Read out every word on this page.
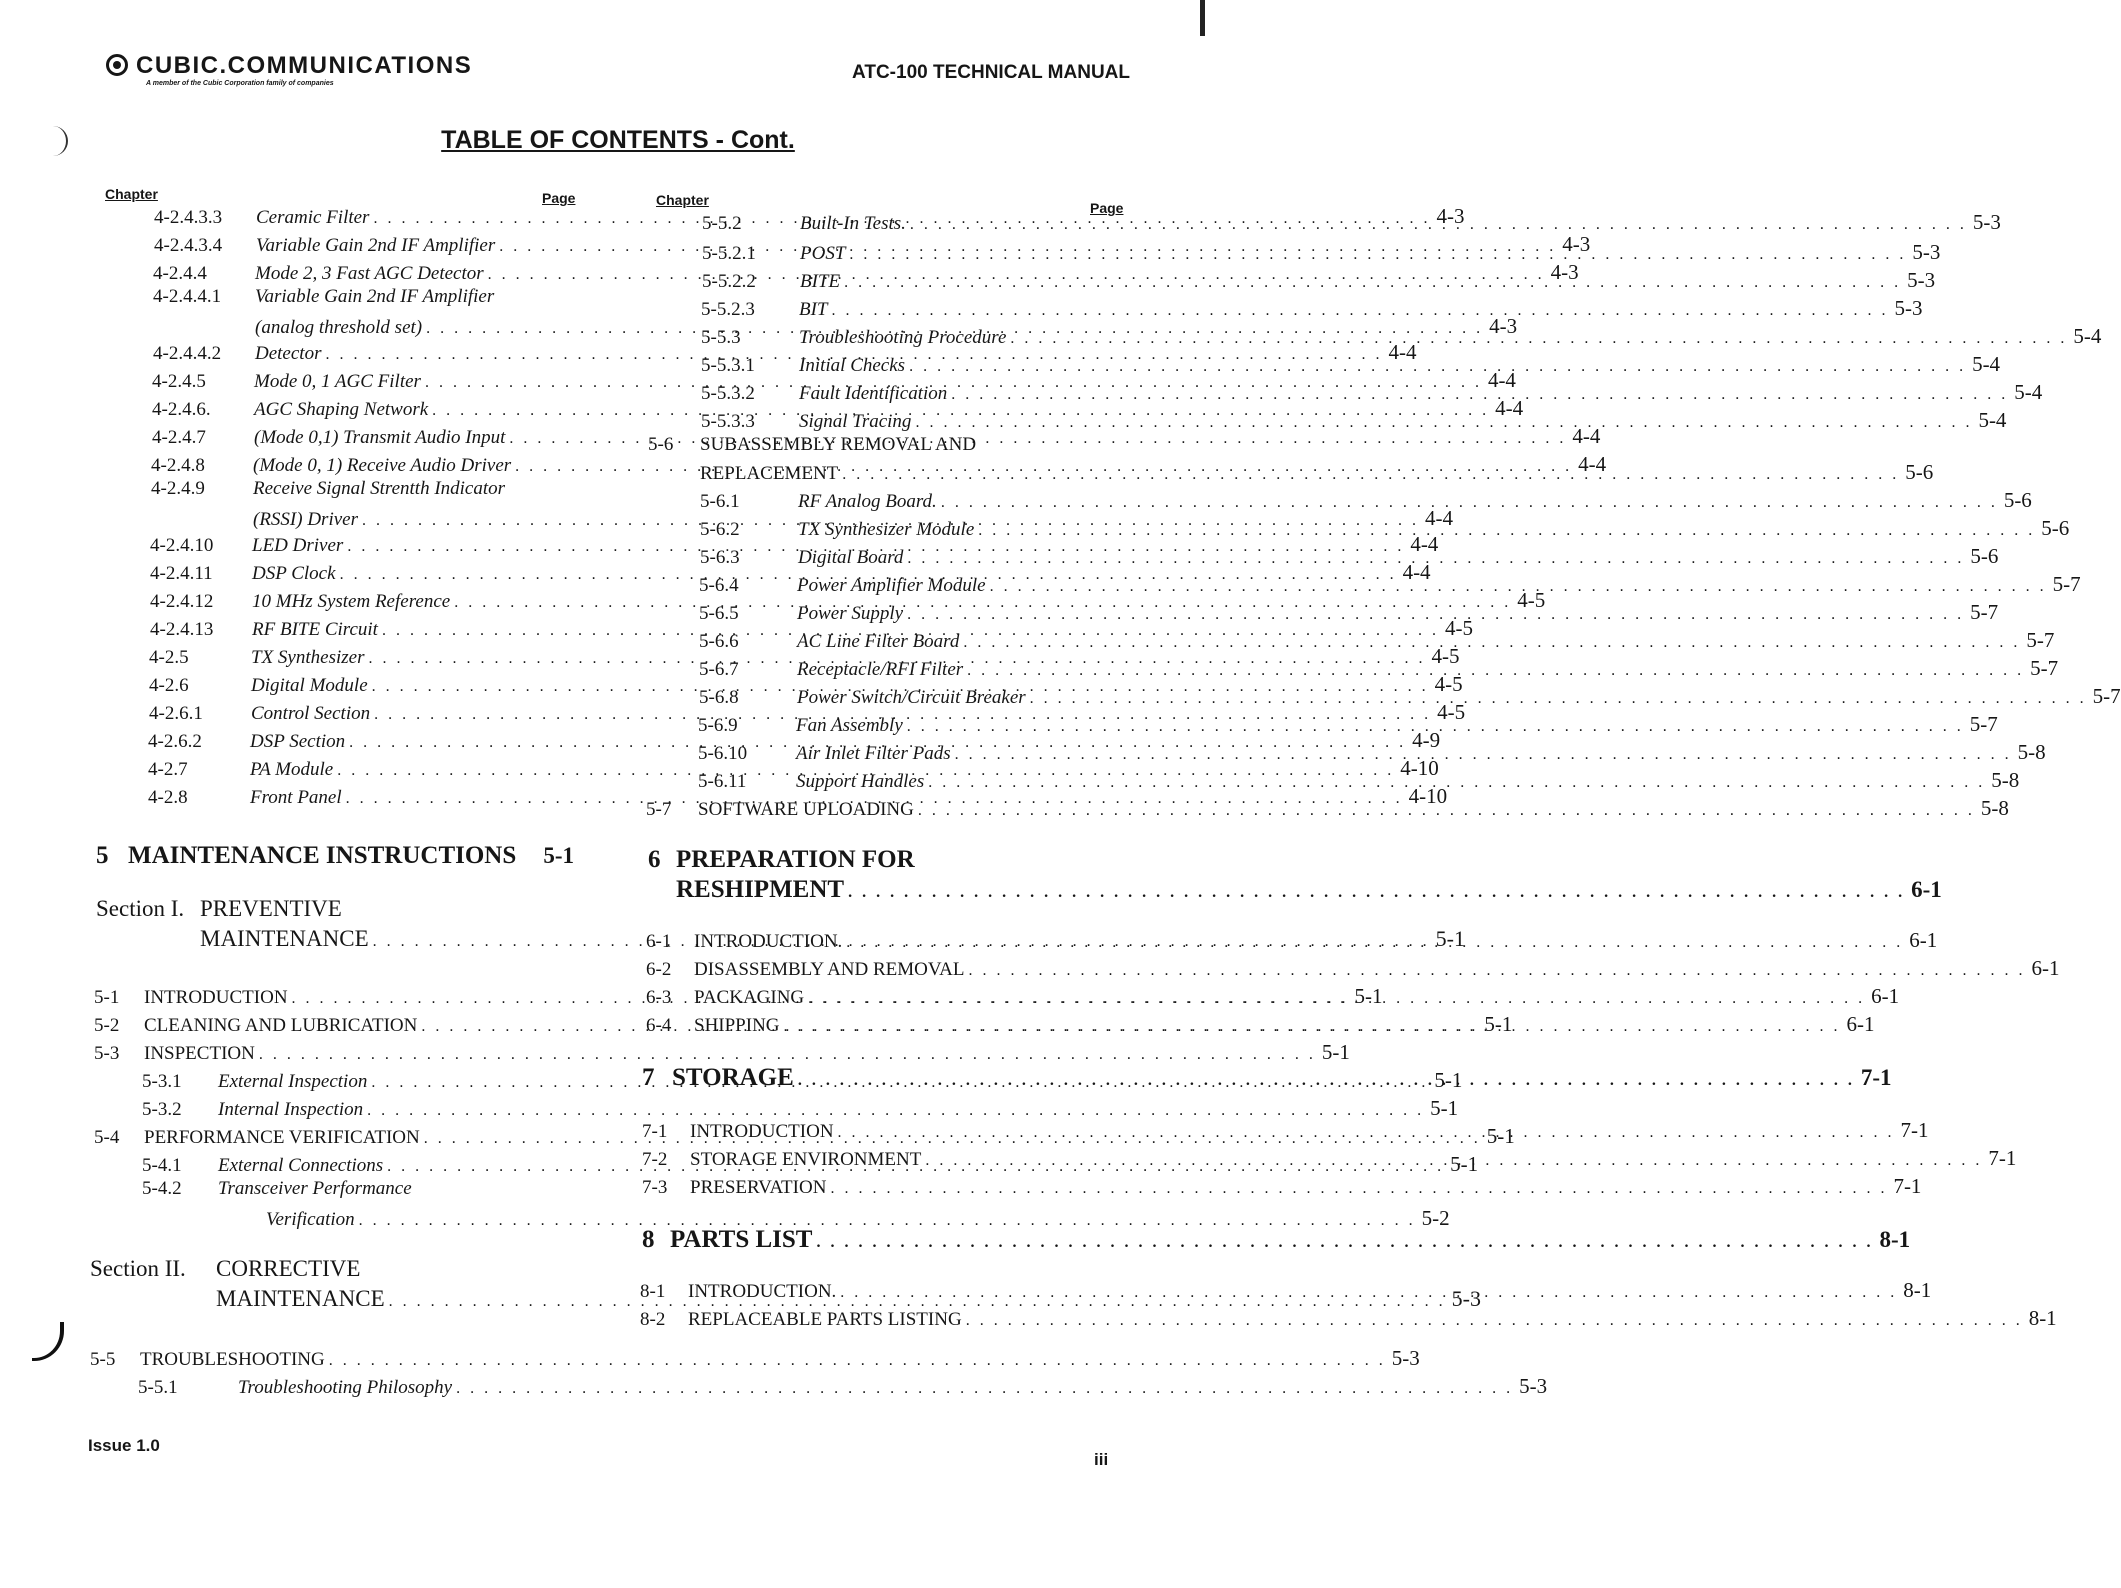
CUBIC.COMMUNICATIONS
A member of the Cubic Corporation family of companies
ATC-100 TECHNICAL MANUAL
TABLE OF CONTENTS - Cont.
Chapter	Page	Chapter	Page
4-2.4.3.3	Ceramic Filter . . .	4-3
4-2.4.3.4	Variable Gain 2nd IF Amplifier . . .	4-3
4-2.4.4	Mode 2, 3 Fast AGC Detector . . .	4-3
4-2.4.4.1	Variable Gain 2nd IF Amplifier
(analog threshold set) . . .	4-3
4-2.4.4.2	Detector . . .	4-4
4-2.4.5	Mode 0, 1 AGC Filter . . .	4-4
4-2.4.6.	AGC Shaping Network . . .	4-4
4-2.4.7	(Mode 0,1) Transmit Audio Input . . .	4-4
4-2.4.8	(Mode 0, 1) Receive Audio Driver . . .	4-4
4-2.4.9	Receive Signal Strentth Indicator
(RSSI) Driver . . .	4-4
4-2.4.10	LED Driver . . .	4-4
4-2.4.11	DSP Clock . . .	4-4
4-2.4.12	10 MHz System Reference . . .	4-5
4-2.4.13	RF BITE Circuit . . .	4-5
4-2.5	TX Synthesizer . . .	4-5
4-2.6	Digital Module . . .	4-5
4-2.6.1	Control Section . . .	4-5
4-2.6.2	DSP Section . . .	4-9
4-2.7	PA Module . . .	4-10
4-2.8	Front Panel . . .	4-10
5 MAINTENANCE INSTRUCTIONS 5-1
Section I. PREVENTIVE
MAINTENANCE . . .	5-1
5-1	INTRODUCTION . . .	5-1
5-2	CLEANING AND LUBRICATION . . .	5-1
5-3	INSPECTION . . .	5-1
5-3.1	External Inspection . . .	5-1
5-3.2	Internal Inspection . . .	5-1
5-4	PERFORMANCE VERIFICATION . . .	5-1
5-4.1	External Connections . . .	5-1
5-4.2	Transceiver Performance
Verification . . .	5-2
Section II.	CORRECTIVE
MAINTENANCE . . .	5-3
5-5	TROUBLESHOOTING . . .	5-3
5-5.1	Troubleshooting Philosophy . . .	5-3
5-5.2	Built-In Tests. . . .	5-3
5-5.2.1	POST . . .	5-3
5-5.2.2	BITE . . .	5-3
5-5.2.3	BIT . . .	5-3
5-5.3	Troubleshooting Procedure . . .	5-4
5-5.3.1	Initial Checks . . .	5-4
5-5.3.2	Fault Identification . . .	5-4
5-5.3.3	Signal Tracing . . .	5-4
5-6	SUBASSEMBLY REMOVAL AND
REPLACEMENT . . .	5-6
5-6.1	RF Analog Board. . . .	5-6
5-6.2	TX Synthesizer Module . . .	5-6
5-6.3	Digital Board . . .	5-6
5-6.4	Power Amplifier Module . . .	5-7
5-6.5	Power Supply . . .	5-7
5-6.6	AC Line Filter Board . . .	5-7
5-6.7	Receptacle/RFI Filter . . .	5-7
5-6.8	Power Switch/Circuit Breaker . . .	5-7
5-6.9	Fan Assembly . . .	5-7
5-6.10	Air Inlet Filter Pads . . .	5-8
5-6.11	Support Handles . . .	5-8
5-7	SOFTWARE UPLOADING . . .	5-8
6 PREPARATION FOR
RESHIPMENT . . .	6-1
6-1	INTRODUCTION. . . .	6-1
6-2	DISASSEMBLY AND REMOVAL . . .	6-1
6-3	PACKAGING . . .	6-1
6-4	SHIPPING . . .	6-1
7 STORAGE . . .	7-1
7-1	INTRODUCTION . . .	7-1
7-2	STORAGE ENVIRONMENT . . .	7-1
7-3	PRESERVATION . . .	7-1
8 PARTS LIST . . .	8-1
8-1	INTRODUCTION. . . .	8-1
8-2	REPLACEABLE PARTS LISTING . . .	8-1
Issue 1.0
iii
